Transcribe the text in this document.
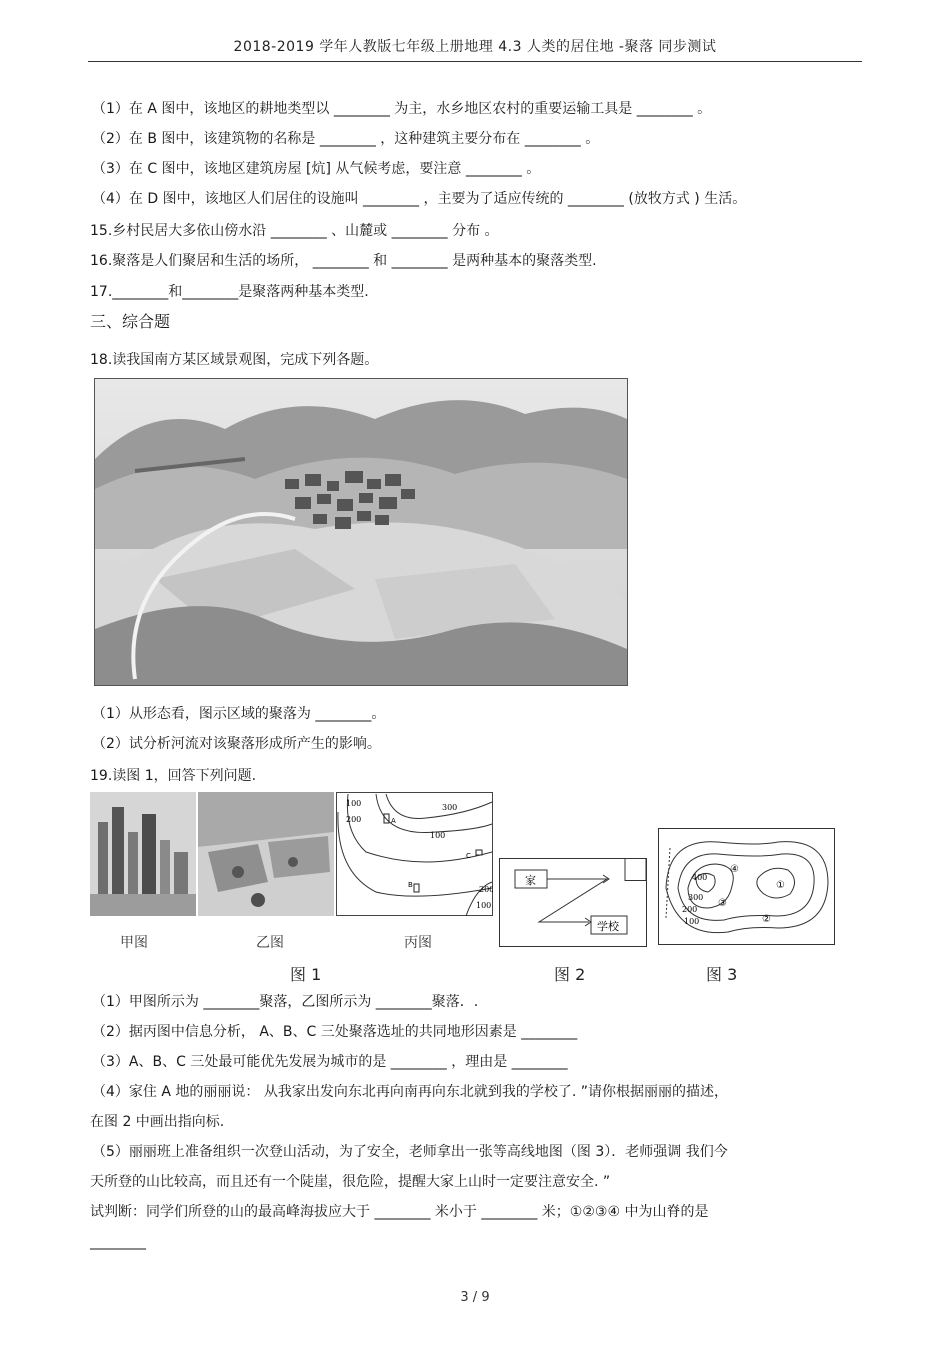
2018-2019 学年人教版七年级上册地理 4.3 人类的居住地 -聚落 同步测试
（1）在 A 图中，该地区的耕地类型以 ________ 为主，水乡地区农村的重要运输工具是 ________ 。
（2）在 B 图中，该建筑物的名称是 ________ ，这种建筑主要分布在 ________ 。
（3）在 C 图中，该地区建筑房屋 [炕] 从气候考虑，要注意 ________ 。
（4）在 D 图中，该地区人们居住的设施叫 ________ ，主要为了适应传统的 ________ (放牧方式 ) 生活。
15.乡村民居大多依山傍水沿 ________ 、山麓或 ________ 分布 。
16.聚落是人们聚居和生活的场所， ________ 和 ________ 是两种基本的聚落类型.
17.________和________是聚落两种基本类型.
三、综合题
18.读我国南方某区域景观图，完成下列各题。
（1）从形态看，图示区域的聚落为 ________。
（2）试分析河流对该聚落形成所产生的影响。
19.读图 1，回答下列问题.
300
100
200
100
200
100
A
B
C
家
学校
400
300
200
100
④
①
②
③
甲图	乙图	丙图
图 1	图 2	图 3
（1）甲图所示为 ________聚落，乙图所示为 ________聚落．.
（2）据丙图中信息分析， A、B、C 三处聚落选址的共同地形因素是 ________
（3）A、B、C 三处最可能优先发展为城市的是 ________ ，理由是 ________
（4）家住 A 地的丽丽说： 从我家出发向东北再向南再向东北就到我的学校了. ”请你根据丽丽的描述，
在图 2 中画出指向标.
（5）丽丽班上准备组织一次登山活动，为了安全，老师拿出一张等高线地图（图 3）．老师强调 我们今
天所登的山比较高，而且还有一个陡崖，很危险，提醒大家上山时一定要注意安全. ”
试判断：同学们所登的山的最高峰海拔应大于 ________ 米小于 ________ 米；①②③④ 中为山脊的是
________
3 / 9
